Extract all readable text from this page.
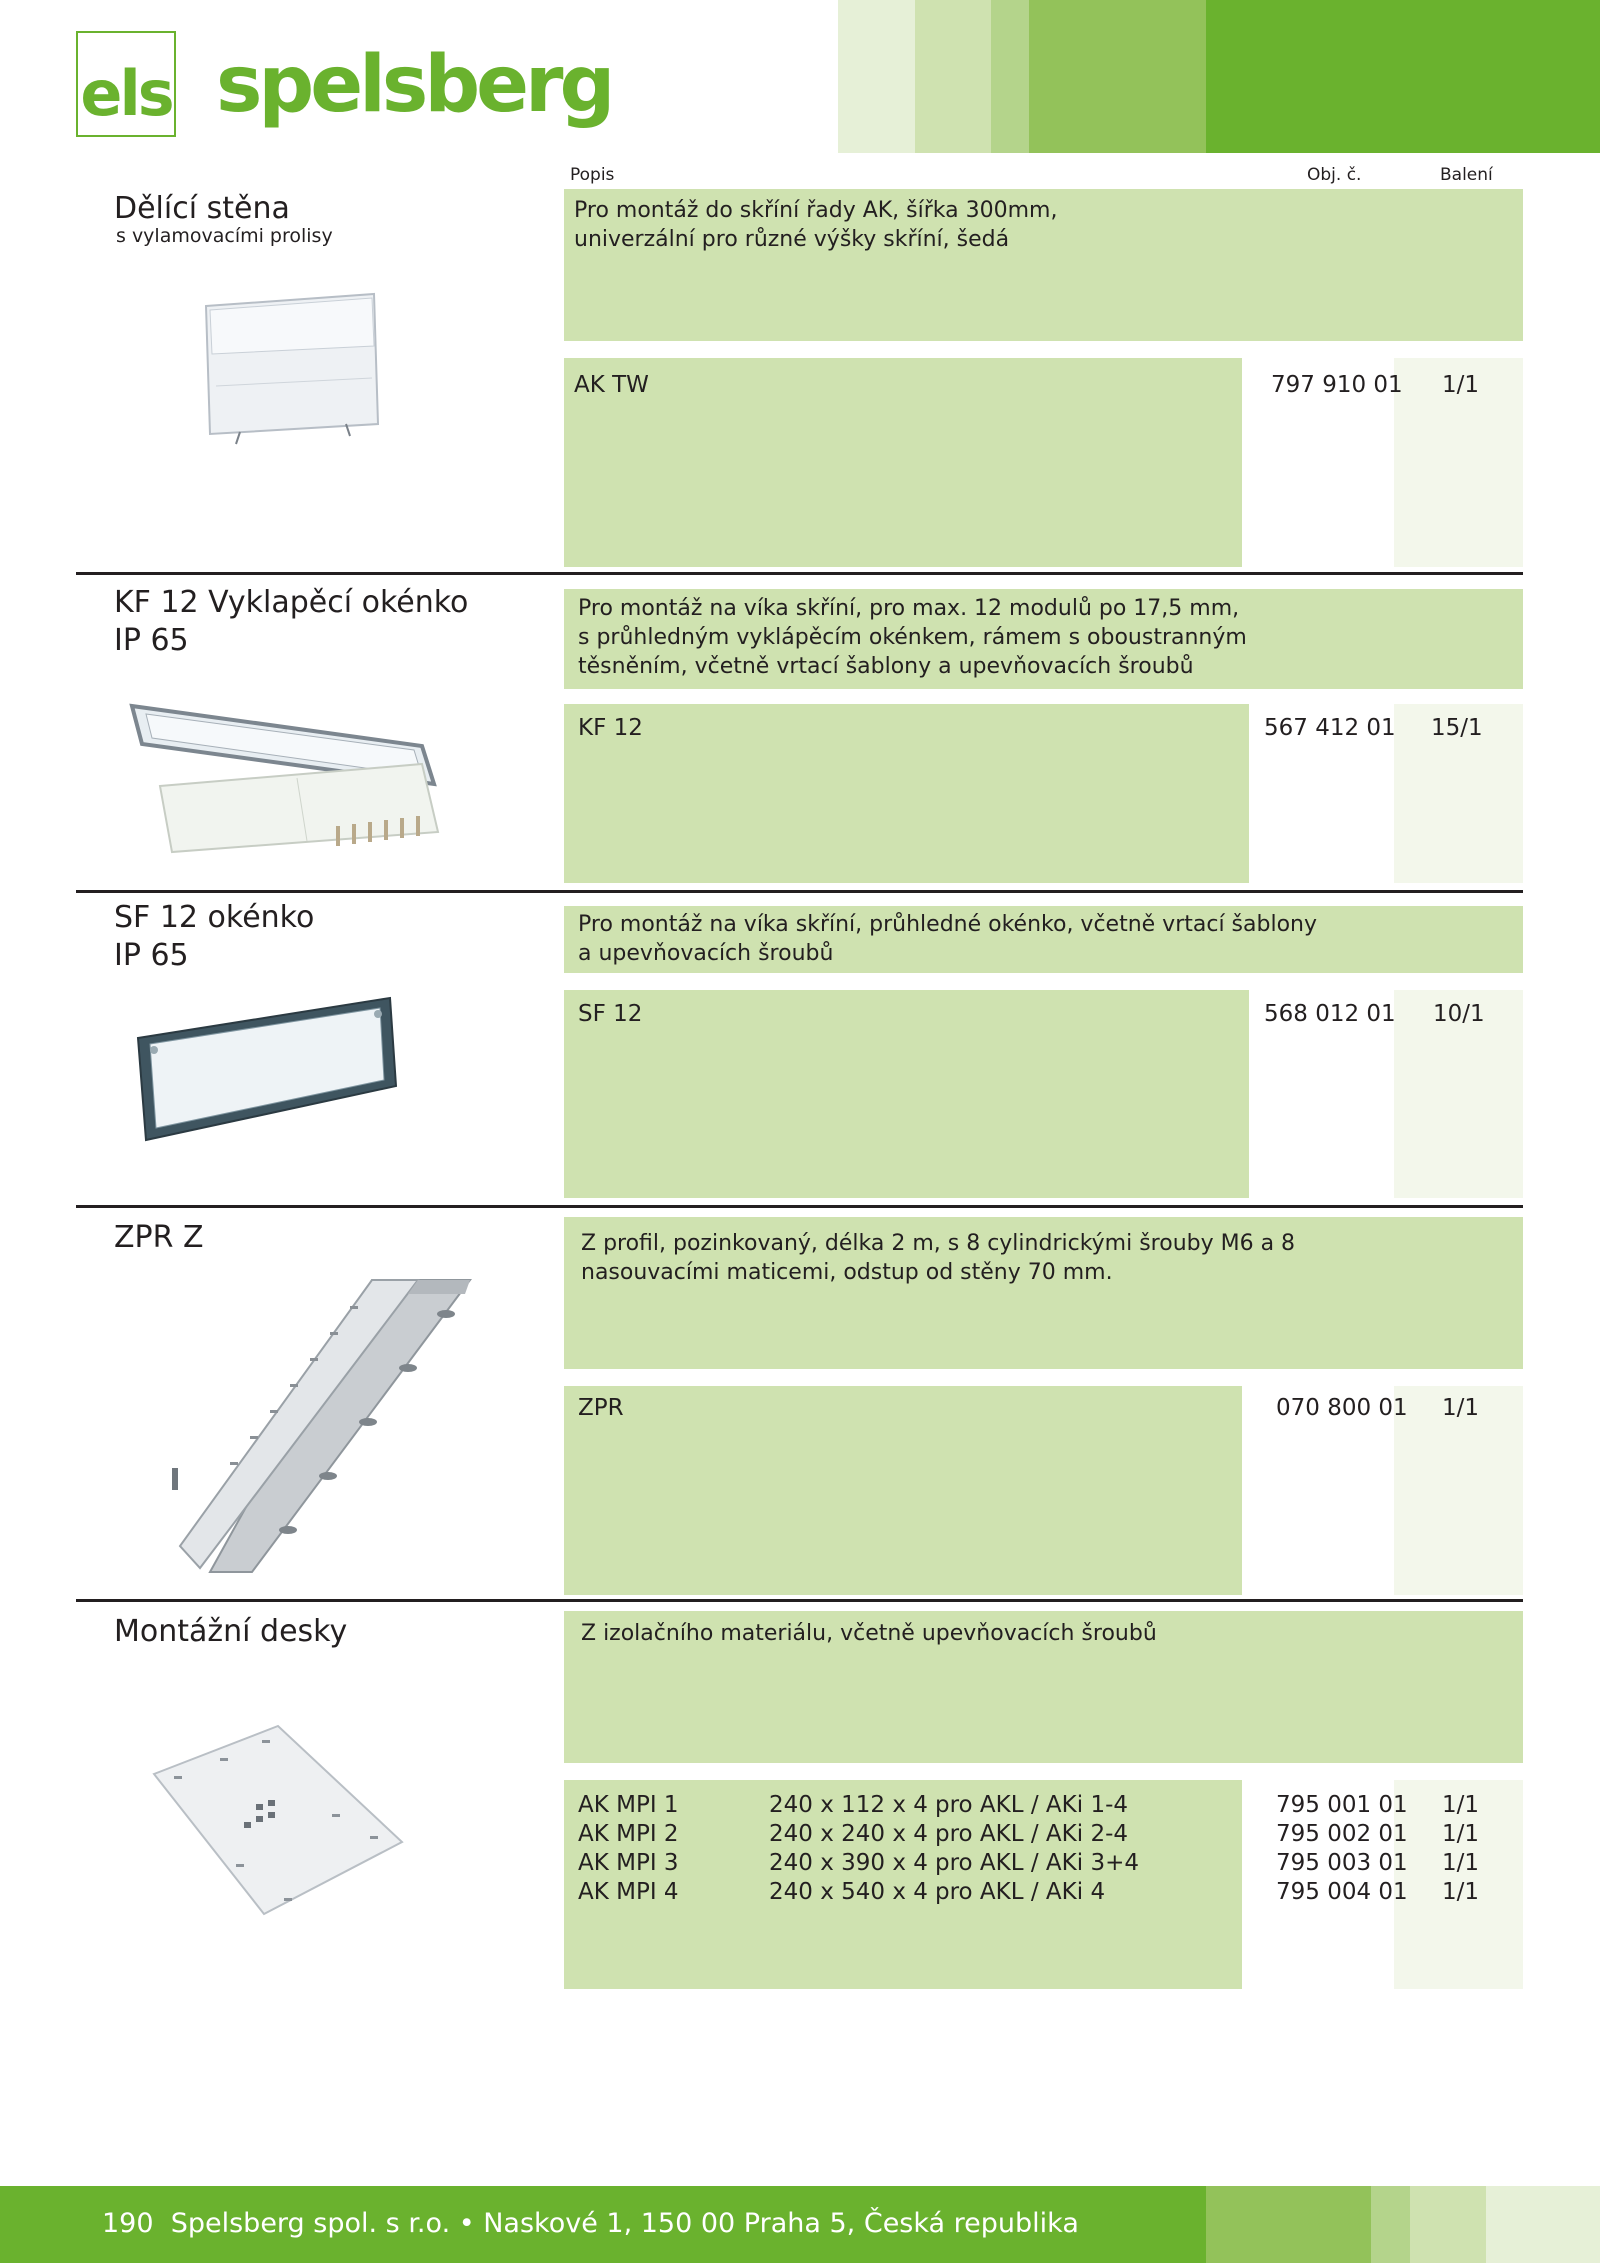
els spelsberg
Popis	Obj. č.	Balení
Dělící stěna
s vylamovacími prolisy
Pro montáž do skříní řady AK, šířka 300mm,
univerzální pro různé výšky skříní, šedá
AK TW	797 910 01 1/1
KF 12 Vyklapěcí okénko
IP 65
Pro montáž na víka skříní, pro max. 12 modulů po 17,5 mm,
s průhledným vyklápěcím okénkem, rámem s oboustranným
těsněním, včetně vrtací šablony a upevňovacích šroubů
KF 12	567 412 01 15/1
SF 12 okénko
IP 65
Pro montáž na víka skříní, průhledné okénko, včetně vrtací šablony
a upevňovacích šroubů
SF 12	568 012 01 10/1
ZPR Z	Z profil, pozinkovaný, délka 2 m, s 8 cylindrickými šrouby M6 a 8
nasouvacími maticemi, odstup od stěny 70 mm.
ZPR	070 800 01 1/1
Montážní desky	Z izolačního materiálu, včetně upevňovacích šroubů
AK MPI 1	240 x 112 x 4 pro AKL / AKi 1-4	795 001 01 1/1
AK MPI 2	240 x 240 x 4 pro AKL / AKi 2-4	795 002 01 1/1
AK MPI 3	240 x 390 x 4 pro AKL / AKi 3+4	795 003 01 1/1
AK MPI 4	240 x 540 x 4 pro AKL / AKi 4	795 004 01 1/1
190 Spelsberg spol. s r.o. • Naskové 1, 150 00 Praha 5, Česká republika
